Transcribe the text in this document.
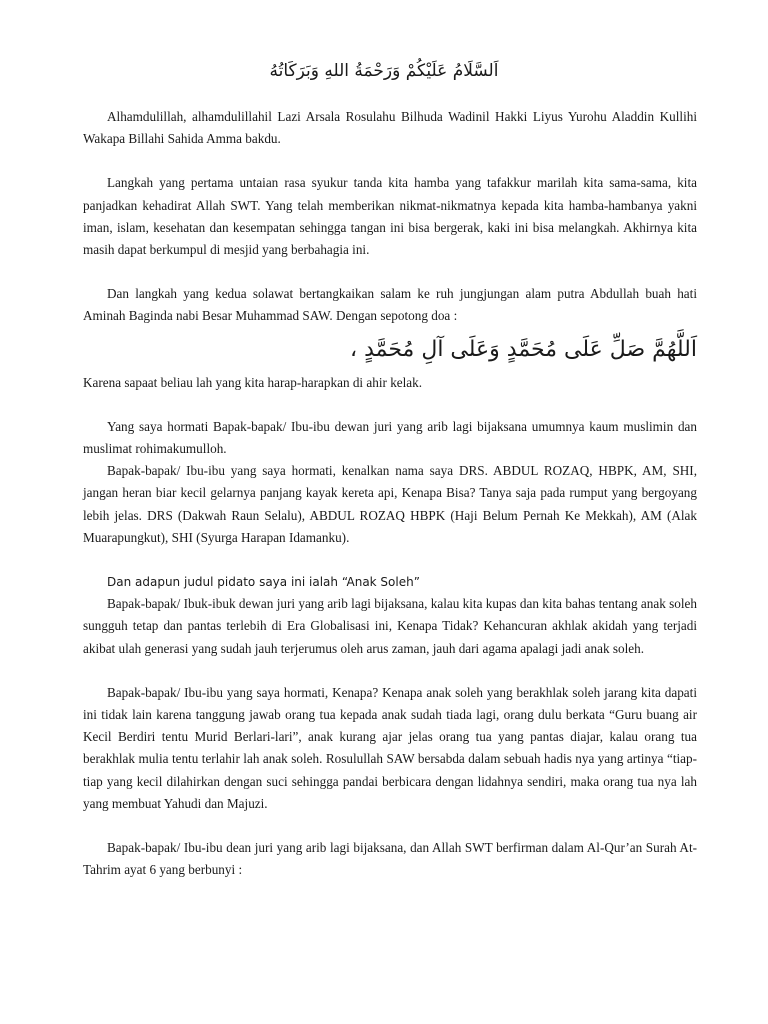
اَلسَّلَامُ عَلَيْكُمْ وَرَحْمَةُ اللهِ وَبَرَكَاتُهُ

Alhamdulillah, alhamdulillahil Lazi Arsala Rosulahu Bilhuda Wadinil Hakki Liyus Yurohu Aladdin Kullihi Wakapa Billahi Sahida Amma bakdu.

Langkah yang pertama untaian rasa syukur tanda kita hamba yang tafakkur marilah kita sama-sama, kita panjadkan kehadirat Allah SWT. Yang telah memberikan nikmat-nikmatnya kepada kita hamba-hambanya yakni iman, islam, kesehatan dan kesempatan sehingga tangan ini bisa bergerak, kaki ini bisa melangkah. Akhirnya kita masih dapat berkumpul di mesjid yang berbahagia ini.

Dan langkah yang kedua solawat bertangkaikan salam ke ruh jungjungan alam putra Abdullah buah hati Aminah Baginda nabi Besar Muhammad SAW. Dengan sepotong doa :

اَللَّهُمَّ صَلِّ عَلَى مُحَمَّدٍ وَعَلَى آلِ مُحَمَّدٍ ،

Karena sapaat beliau lah yang kita harap-harapkan di ahir kelak.

Yang saya hormati Bapak-bapak/ Ibu-ibu dewan juri yang arib lagi bijaksana umumnya kaum muslimin dan muslimat rohimakumulloh.

Bapak-bapak/ Ibu-ibu yang saya hormati, kenalkan nama saya DRS. ABDUL ROZAQ, HBPK, AM, SHI, jangan heran biar kecil gelarnya panjang kayak kereta api, Kenapa Bisa? Tanya saja pada rumput yang bergoyang lebih jelas. DRS (Dakwah Raun Selalu), ABDUL ROZAQ HBPK (Haji Belum Pernah Ke Mekkah), AM (Alak Muarapungkut), SHI (Syurga Harapan Idamanku).

Dan adapun judul pidato saya ini ialah “Anak Soleh”

Bapak-bapak/ Ibuk-ibuk dewan juri yang arib lagi bijaksana, kalau kita kupas dan kita bahas tentang anak soleh sungguh tetap dan pantas terlebih di Era Globalisasi ini, Kenapa Tidak? Kehancuran akhlak akidah yang terjadi akibat ulah generasi yang sudah jauh terjerumus oleh arus zaman, jauh dari agama apalagi jadi anak soleh.

Bapak-bapak/ Ibu-ibu yang saya hormati, Kenapa? Kenapa anak soleh yang berakhlak soleh jarang kita dapati ini tidak lain karena tanggung jawab orang tua kepada anak sudah tiada lagi, orang dulu berkata “Guru buang air Kecil Berdiri tentu Murid Berlari-lari”, anak kurang ajar jelas orang tua yang pantas diajar, kalau orang tua berakhlak mulia tentu terlahir lah anak soleh. Rosulullah SAW bersabda dalam sebuah hadis nya yang artinya “tiap-tiap yang kecil dilahirkan dengan suci sehingga pandai berbicara dengan lidahnya sendiri, maka orang tua nya lah yang membuat Yahudi dan Majuzi.

Bapak-bapak/ Ibu-ibu dean juri yang arib lagi bijaksana, dan Allah SWT berfirman dalam Al-Qur’an Surah At-Tahrim ayat 6 yang berbunyi :
